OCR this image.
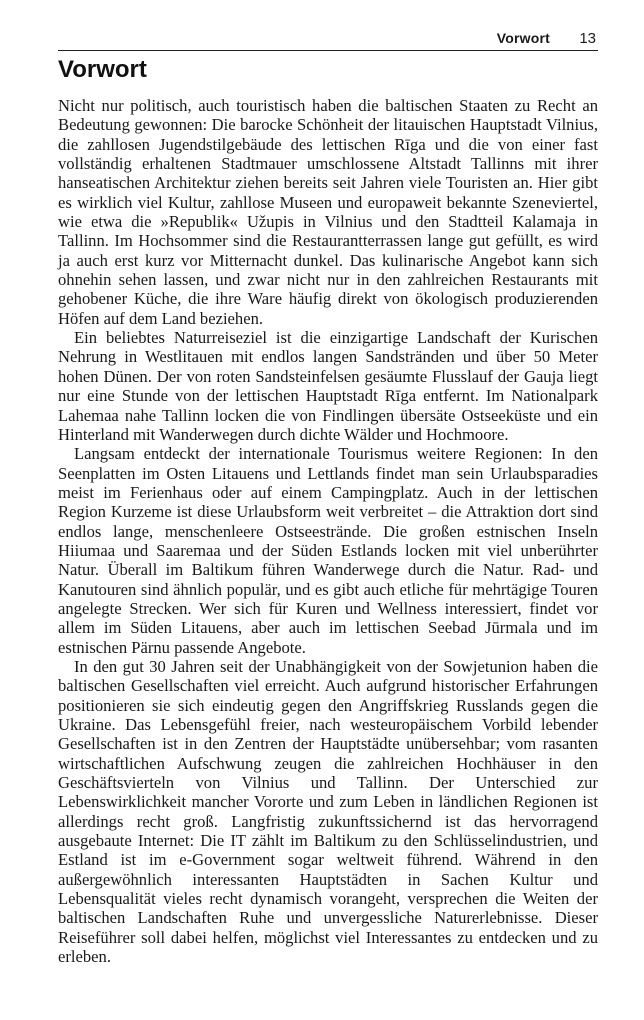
Vorwort 13
Vorwort

Nicht nur politisch, auch touristisch haben die baltischen Staaten zu Recht an Bedeutung gewonnen: Die barocke Schönheit der litauischen Hauptstadt Vilnius, die zahllosen Jugendstilgebäude des lettischen Rīga und die von einer fast vollständig erhaltenen Stadtmauer umschlossene Altstadt Tallinns mit ihrer hanseatischen Architektur ziehen bereits seit Jahren viele Touristen an. Hier gibt es wirklich viel Kultur, zahllose Museen und europaweit bekannte Szeneviertel, wie etwa die »Republik« Užupis in Vilnius und den Stadtteil Kalamaja in Tallinn. Im Hochsommer sind die Restaurantterrassen lange gut gefüllt, es wird ja auch erst kurz vor Mitternacht dunkel. Das kulinarische Angebot kann sich ohnehin sehen lassen, und zwar nicht nur in den zahlreichen Restaurants mit gehobener Küche, die ihre Ware häufig direkt von ökologisch produzierenden Höfen auf dem Land beziehen.

Ein beliebtes Naturreiseziel ist die einzigartige Landschaft der Kurischen Nehrung in Westlitauen mit endlos langen Sandstränden und über 50 Meter hohen Dünen. Der von roten Sandsteinfelsen gesäumte Flusslauf der Gauja liegt nur eine Stunde von der lettischen Hauptstadt Rīga entfernt. Im Nationalpark Lahemaa nahe Tallinn locken die von Findlingen übersäte Ostseeküste und ein Hinterland mit Wanderwegen durch dichte Wälder und Hochmoore.

Langsam entdeckt der internationale Tourismus weitere Regionen: In den Seenplatten im Osten Litauens und Lettlands findet man sein Urlaubsparadies meist im Ferienhaus oder auf einem Campingplatz. Auch in der lettischen Region Kurzeme ist diese Urlaubsform weit verbreitet – die Attraktion dort sind endlos lange, menschenleere Ostseestrände. Die großen estnischen Inseln Hiiumaa und Saaremaa und der Süden Estlands locken mit viel unberührter Natur. Überall im Baltikum führen Wanderwege durch die Natur. Rad- und Kanutouren sind ähnlich populär, und es gibt auch etliche für mehrtägige Touren angelegte Strecken. Wer sich für Kuren und Wellness interessiert, findet vor allem im Süden Litauens, aber auch im lettischen Seebad Jūrmala und im estnischen Pärnu passende Angebote.

In den gut 30 Jahren seit der Unabhängigkeit von der Sowjetunion haben die baltischen Gesellschaften viel erreicht. Auch aufgrund historischer Erfahrungen positionieren sie sich eindeutig gegen den Angriffskrieg Russlands gegen die Ukraine. Das Lebensgefühl freier, nach westeuropäischem Vorbild lebender Gesellschaften ist in den Zentren der Hauptstädte unübersehbar; vom rasanten wirtschaftlichen Aufschwung zeugen die zahlreichen Hochhäuser in den Geschäftsvierteln von Vilnius und Tallinn. Der Unterschied zur Lebenswirklichkeit mancher Vororte und zum Leben in ländlichen Regionen ist allerdings recht groß. Langfristig zukunftssichernd ist das hervorragend ausgebaute Internet: Die IT zählt im Baltikum zu den Schlüsselindustrien, und Estland ist im e-Government sogar weltweit führend. Während in den außergewöhnlich interessanten Hauptstädten in Sachen Kultur und Lebensqualität vieles recht dynamisch vorangeht, versprechen die Weiten der baltischen Landschaften Ruhe und unvergessliche Naturerlebnisse. Dieser Reiseführer soll dabei helfen, möglichst viel Interessantes zu entdecken und zu erleben.
